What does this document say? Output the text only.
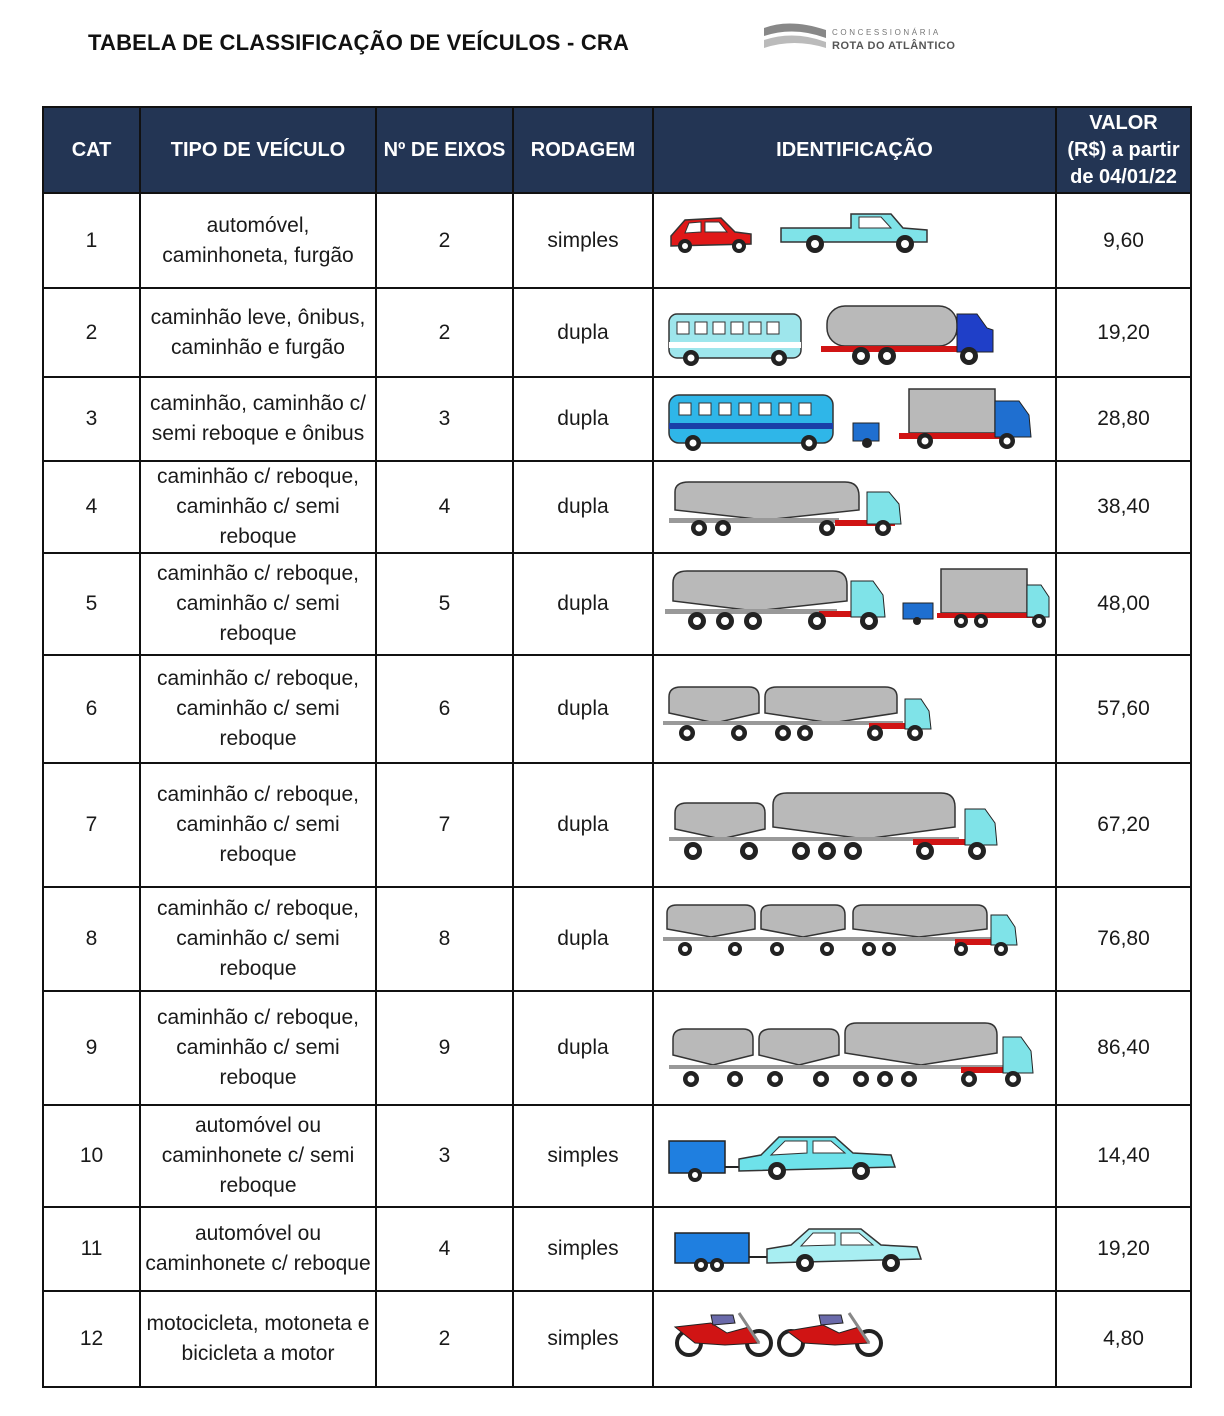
TABELA DE CLASSIFICAÇÃO DE VEÍCULOS - CRA	CONCESSIONÁRIA
ROTA DO ATLÂNTICO
CAT	TIPO DE VEÍCULO	Nº DE EIXOS	RODAGEM	IDENTIFICAÇÃO	VALOR
(R$) a partir
de 04/01/22
1	automóvel, caminhoneta, furgão	2	simples		9,60
2	caminhão leve, ônibus, caminhão e furgão	2	dupla		19,20
3	caminhão, caminhão c/ semi reboque e ônibus	3	dupla		28,80
4	caminhão c/ reboque, caminhão c/ semi reboque	4	dupla		38,40
5	caminhão c/ reboque, caminhão c/ semi reboque	5	dupla		48,00
6	caminhão c/ reboque, caminhão c/ semi reboque	6	dupla		57,60
7	caminhão c/ reboque, caminhão c/ semi reboque	7	dupla		67,20
8	caminhão c/ reboque, caminhão c/ semi reboque	8	dupla		76,80
9	caminhão c/ reboque, caminhão c/ semi reboque	9	dupla		86,40
10	automóvel ou caminhonete c/ semi reboque	3	simples		14,40
11	automóvel ou caminhonete c/ reboque	4	simples		19,20
12	motocicleta, motoneta e bicicleta a motor	2	simples		4,80
